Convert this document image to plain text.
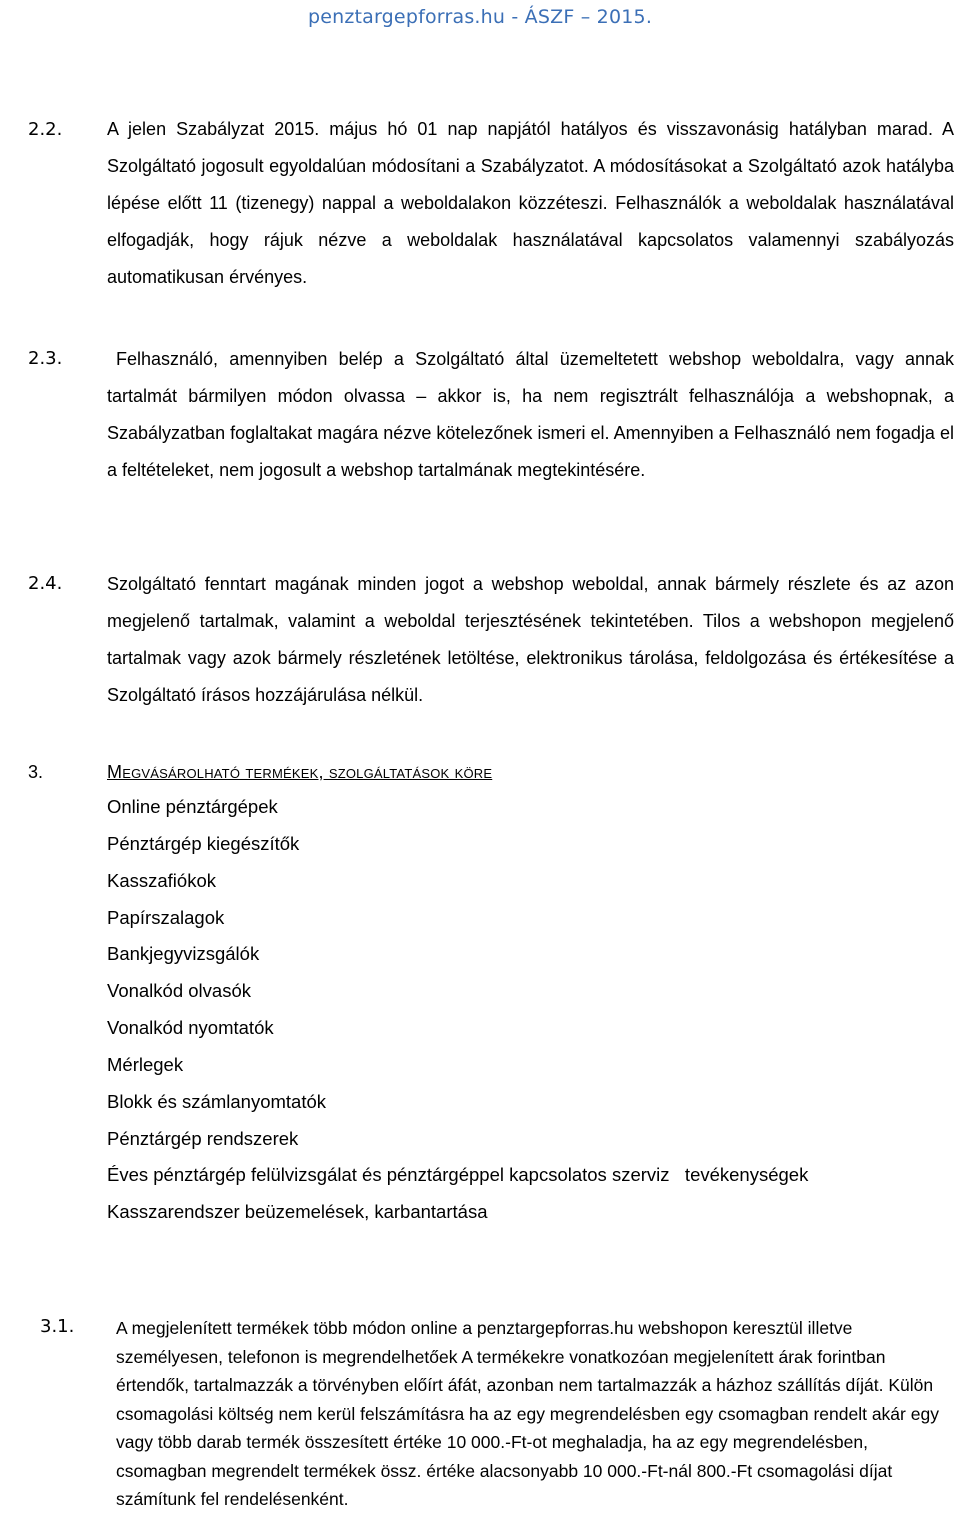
penztargepforras.hu - ÁSZF – 2015.
2.2. A jelen Szabályzat 2015. május hó 01 nap napjától hatályos és visszavonásig hatályban marad. A Szolgáltató jogosult egyoldalúan módosítani a Szabályzatot. A módosításokat a Szolgáltató azok hatályba lépése előtt 11 (tizenegy) nappal a weboldalakon közzéteszi. Felhasználók a weboldalak használatával elfogadják, hogy rájuk nézve a weboldalak használatával kapcsolatos valamennyi szabályozás automatikusan érvényes.

2.3.	Felhasználó, amennyiben belép a Szolgáltató által üzemeltetett webshop weboldalra, vagy annak tartalmát bármilyen módon olvassa – akkor is, ha nem regisztrált felhasználója a webshopnak, a Szabályzatban foglaltakat magára nézve kötelezőnek ismeri el. Amennyiben a Felhasználó nem fogadja el a feltételeket, nem jogosult a webshop tartalmának megtekintésére.

2.4. Szolgáltató fenntart magának minden jogot a webshop weboldal, annak bármely részlete és az azon megjelenő tartalmak, valamint a weboldal terjesztésének tekintetében. Tilos a webshopon megjelenő tartalmak vagy azok bármely részletének letöltése, elektronikus tárolása, feldolgozása és értékesítése a Szolgáltató írásos hozzájárulása nélkül.

3.	Megvásárolható termékek, szolgáltatások köre
Online pénztárgépek
Pénztárgép kiegészítők
Kasszafiókok
Papírszalagok
Bankjegyvizsgálók
Vonalkód olvasók
Vonalkód nyomtatók
Mérlegek
Blokk és számlanyomtatók
Pénztárgép rendszerek
Éves pénztárgép felülvizsgálat és pénztárgéppel kapcsolatos szerviz   tevékenységek
Kasszarendszer beüzemelések, karbantartása
3.1. A megjelenített termékek több módon online a penztargepforras.hu webshopon keresztül illetve személyesen, telefonon is megrendelhetőek A termékekre vonatkozóan megjelenített árak forintban értendők, tartalmazzák a törvényben előírt áfát, azonban nem tartalmazzák a házhoz szállítás díját. Külön csomagolási költség nem kerül felszámításra ha az egy megrendelésben egy csomagban rendelt akár egy vagy több darab termék összesített értéke 10 000.-Ft-ot meghaladja, ha az egy megrendelésben, csomagban megrendelt termékek össz. értéke alacsonyabb 10 000.-Ft-nál 800.-Ft csomagolási díjat számítunk fel rendelésenként.
